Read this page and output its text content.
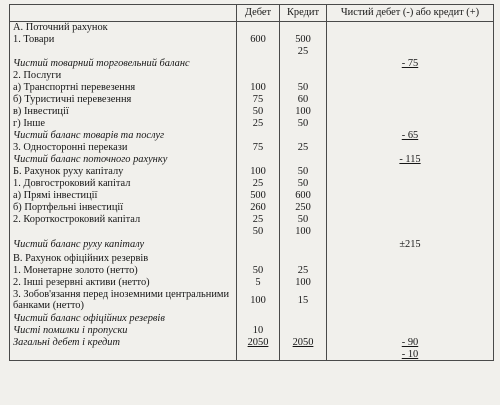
	Дебет	Кредит	Чистий дебет (-) або кредит (+)
А. Поточний рахунок			
1. Товари	600	500	
		25	
Чистий товарний торговельний баланс			- 75
2. Послуги			
а) Транспортні перевезення	100	50	
б) Туристичні перевезення	75	60	
в) Інвестиції	50	100	
г) Інше	25	50	
Чистий баланс товарів та послуг			- 65
3. Односторонні перекази	75	25	
Чистий баланс поточного рахунку			- 115
Б. Рахунок руху капіталу	100	50	
1. Довгостроковий капітал	25	50	
а) Прямі інвестиції	500	600	
б) Портфельні інвестиції	260	250	
2. Короткостроковий капітал	25	50	
	50	100	
Чистий баланс руху капіталу			±215
В. Рахунок офіційних резервів			
1. Монетарне золото (нетто)	50	25	
2. Інші резервні активи (нетто)	5	100	
3. Зобов'язання перед іноземними центральними банками (нетто)	100	15	
Чистий баланс офіційних резервів			
Чисті помилки і пропуски	10		
Загальні дебет і кредит	2050	2050	- 90
			- 10
